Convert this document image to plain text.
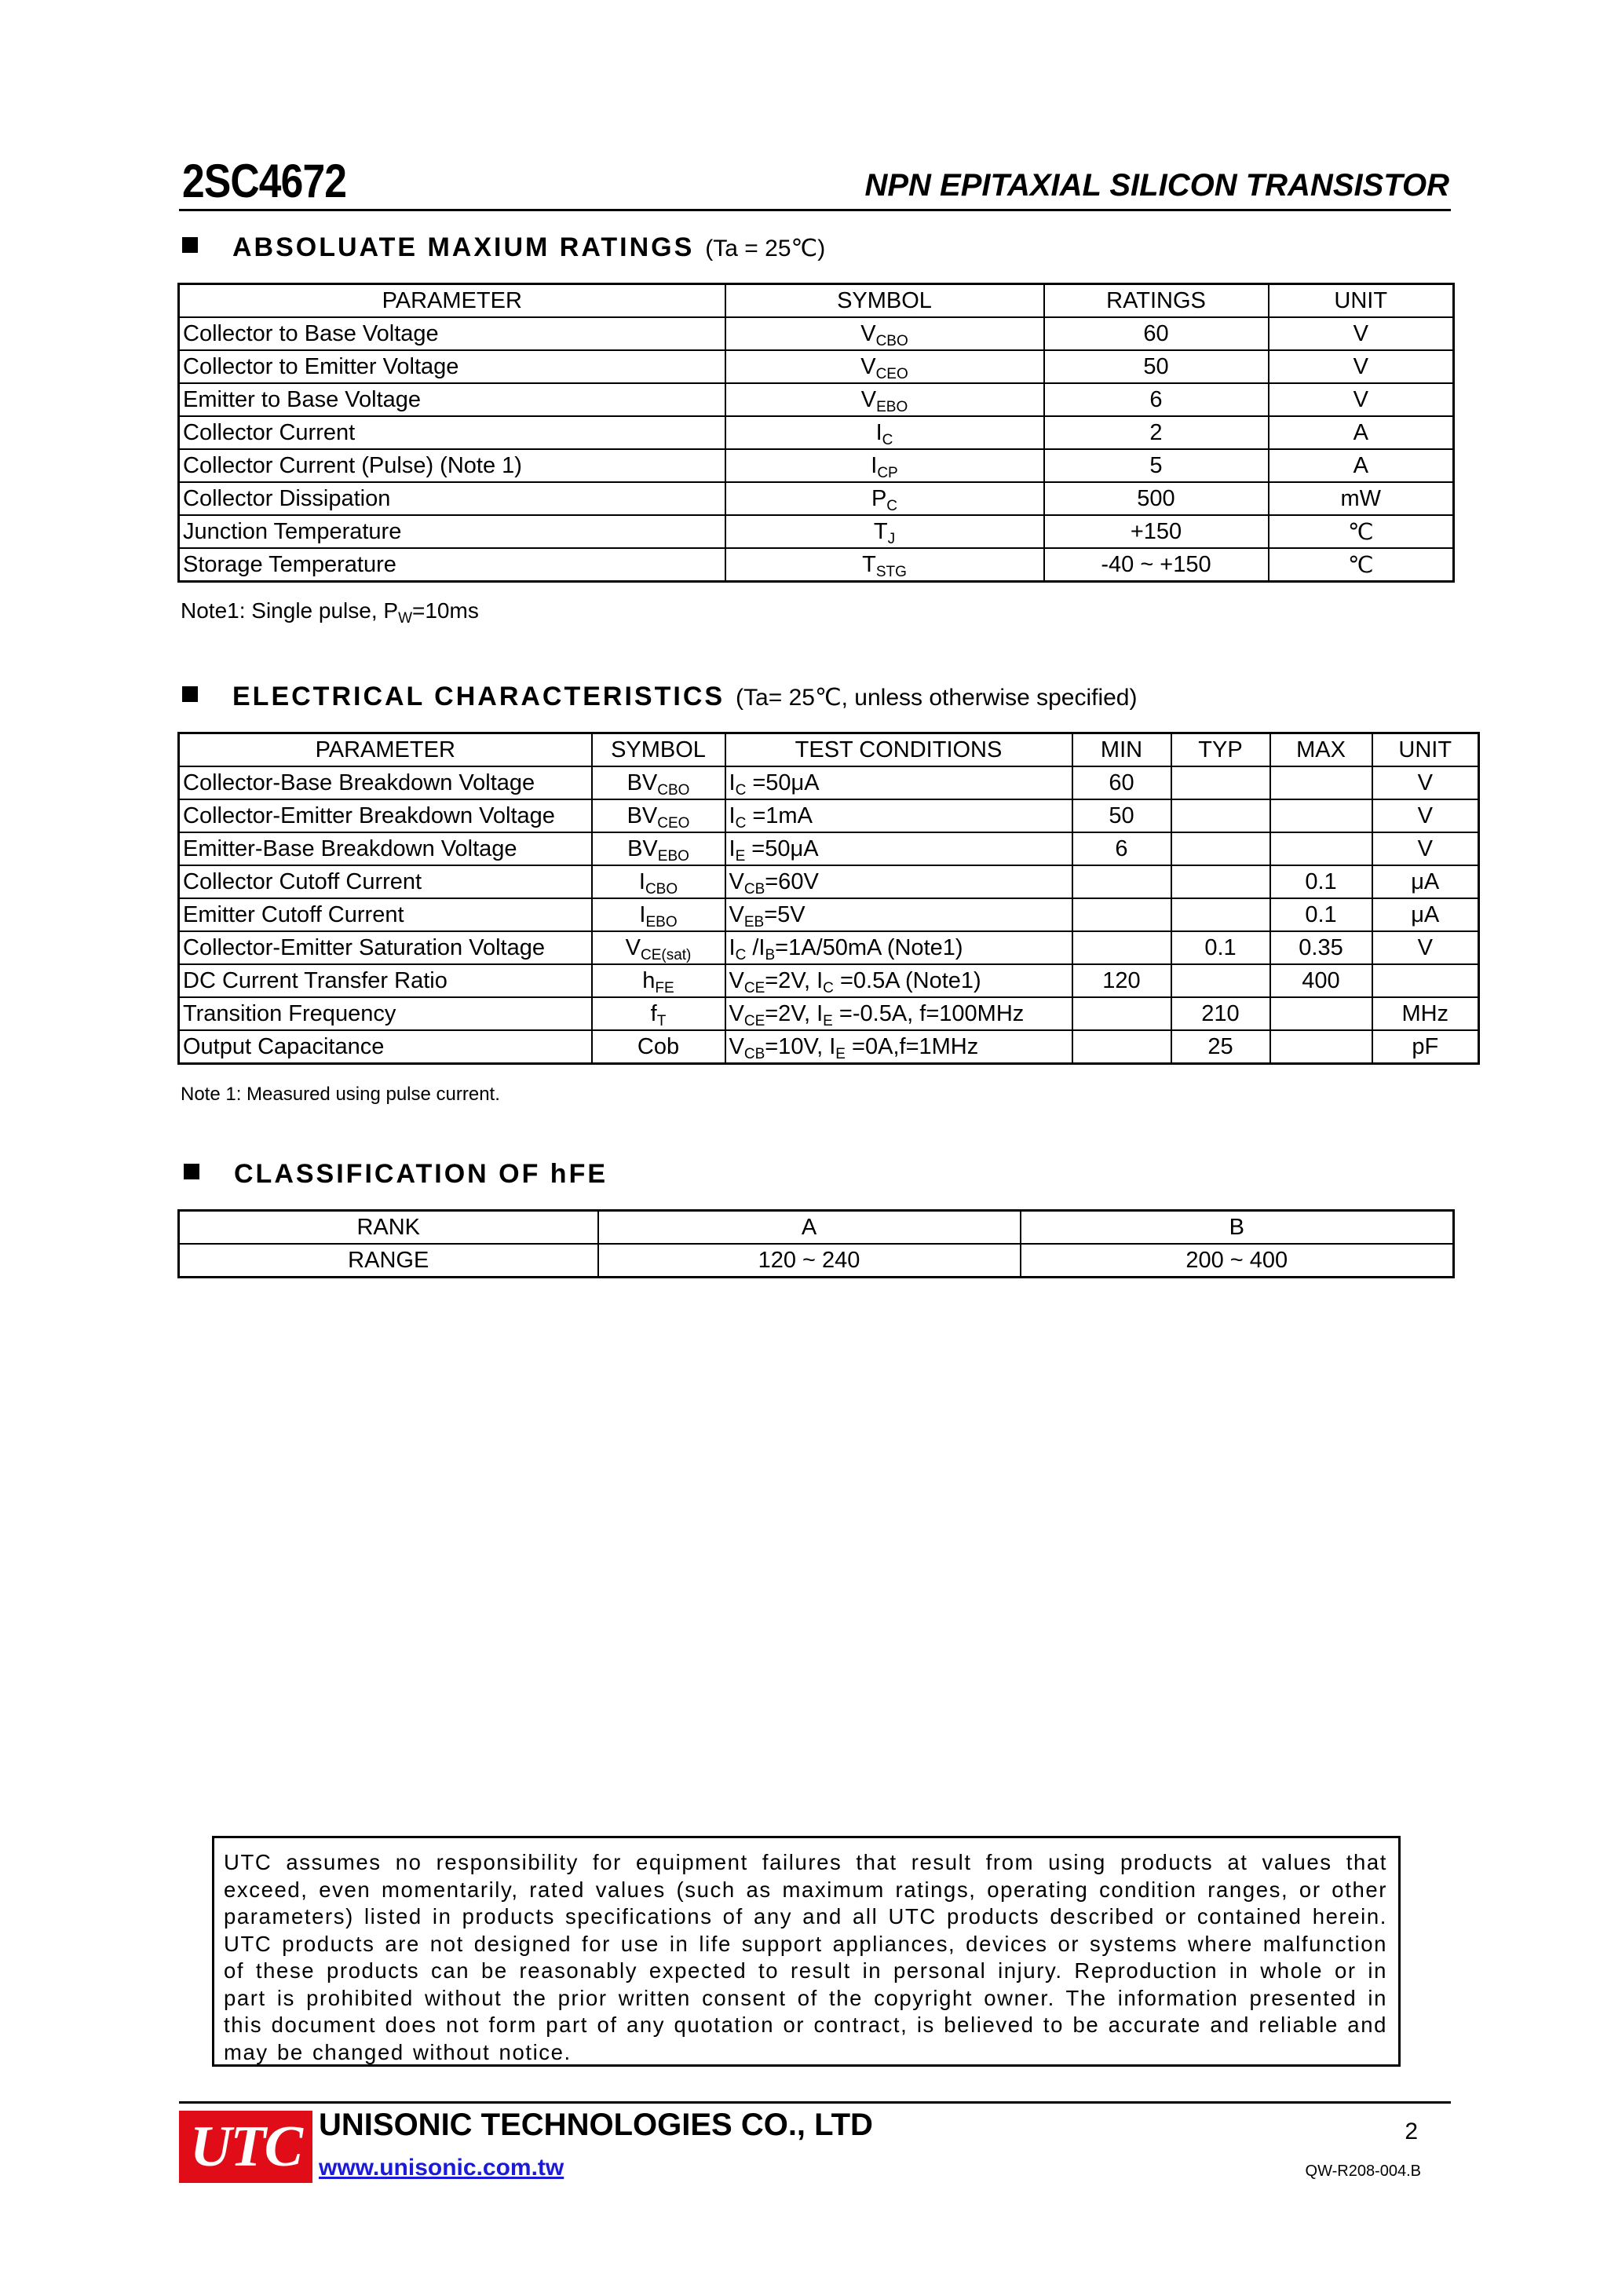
2SC4672	NPN EPITAXIAL SILICON TRANSISTOR
ABSOLUATE MAXIUM RATINGS (Ta = 25℃)
PARAMETER	SYMBOL	RATINGS	UNIT
Collector to Base Voltage	$V_{CBO}$	60	V
Collector to Emitter Voltage	$V_{CEO}$	50	V
Emitter to Base Voltage	$V_{EBO}$	6	V
Collector Current	$I_C$	2	A
Collector Current (Pulse) (Note 1)	$I_{CP}$	5	A
Collector Dissipation	$P_C$	500	mW
Junction Temperature	$T_J$	+150	℃
Storage Temperature	$T_{STG}$	-40 ~ +150	℃
Note1: Single pulse, $P_W=10ms$
ELECTRICAL CHARACTERISTICS (Ta= 25℃, unless otherwise specified)
PARAMETER	SYMBOL	TEST CONDITIONS	MIN	TYP	MAX	UNIT
Collector-Base Breakdown Voltage	$BV_{CBO}$	$I_C =50\mu A$	60			V
Collector-Emitter Breakdown Voltage	$BV_{CEO}$	$I_C =1mA$	50			V
Emitter-Base Breakdown Voltage	$BV_{EBO}$	$I_E =50\mu A$	6			V
Collector Cutoff Current	$I_{CBO}$	$V_{CB}=60V$			0.1	μA
Emitter Cutoff Current	$I_{EBO}$	$V_{EB}=5V$			0.1	μA
Collector-Emitter Saturation Voltage	$V_{CE(sat)}$	$I_C$ $/I_B=1A/50mA$ (Note1)		0.1	0.35	V
DC Current Transfer Ratio	$h_{FE}$	$V_{CE}=2V$, $I_C =0.5A$ (Note1)	120		400	
Transition Frequency	$f_T$	$V_{CE}=2V$, $I_E =-0.5A$, f=100MHz		210		MHz
Output Capacitance	Cob	$V_{CB}=10V$, $I_E =0A,f=1MHz$		25		pF
Note 1: Measured using pulse current.
CLASSIFICATION OF hFE
RANK	A	B
RANGE	120 ~ 240	200 ~ 400
UTC assumes no responsibility for equipment failures that result from using products at values that exceed, even momentarily, rated values (such as maximum ratings, operating condition ranges, or other parameters) listed in products specifications of any and all UTC products described or contained herein. UTC products are not designed for use in life support appliances, devices or systems where malfunction of these products can be reasonably expected to result in personal injury. Reproduction in whole or in part is prohibited without the prior written consent of the copyright owner. The information presented in this document does not form part of any quotation or contract, is believed to be accurate and reliable and may be changed without notice.
UTC UNISONIC TECHNOLOGIES CO., LTD
www.unisonic.com.tw
2
QW-R208-004.B
